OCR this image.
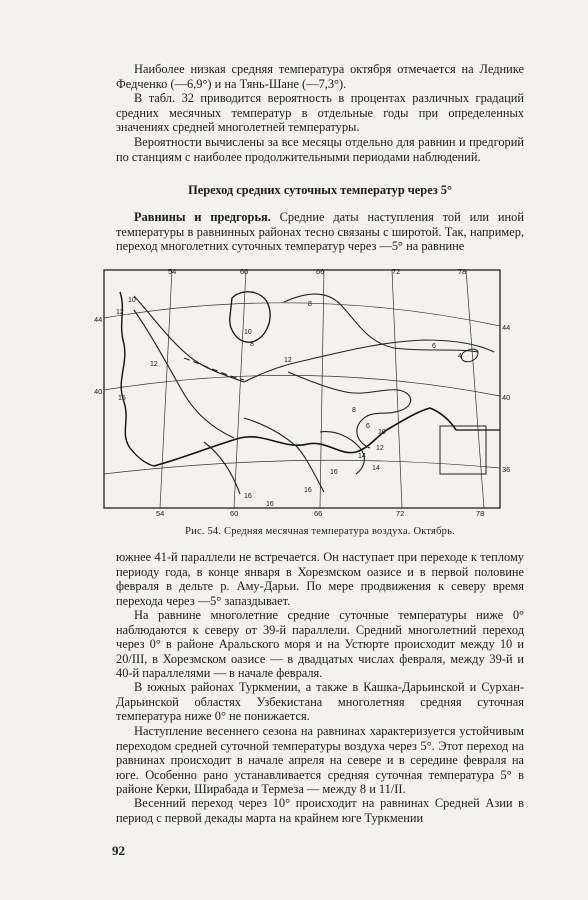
Наиболее низкая средняя температура октября отмечается на Леднике Федченко (—6,9°) и на Тянь-Шане (—7,3°).

В табл. 32 приводится вероятность в процентах различных градаций средних месячных температур в отдельные годы при определенных значениях средней многолетней температуры.

Вероятности вычислены за все месяцы отдельно для равнин и предгорий по станциям с наиболее продолжительными периодами наблюдений.

Переход средних суточных температур через 5°

Равнины и предгорья. Средние даты наступления той или иной температуры в равнинных районах тесно связаны с широтой. Так, например, переход многолетних суточных температур через —5° на равнине

54	60	66	72	78
54	60	66	72	78
44
40
44
40
36
10
12
8
6
4
10
12
8
6
12
14
16
16
16
12
14
10
8
15
16
Рис. 54. Средняя месячная температура воздуха. Октябрь.

южнее 41-й параллели не встречается. Он наступает при переходе к теплому периоду года, в конце января в Хорезмском оазисе и в первой половине февраля в дельте р. Аму-Дарьи. По мере продвижения к северу время перехода через —5° запаздывает.

На равнине многолетние средние суточные температуры ниже 0° наблюдаются к северу от 39-й параллели. Средний многолетний переход через 0° в районе Аральского моря и на Устюрте происходит между 10 и 20/III, в Хорезмском оазисе — в двадцатых числах февраля, между 39-й и 40-й параллелями — в начале февраля.

В южных районах Туркмении, а также в Кашка-Дарьинской и Сурхан-Дарьинской областях Узбекистана многолетняя средняя суточная температура ниже 0° не понижается.

Наступление весеннего сезона на равнинах характеризуется устойчивым переходом средней суточной температуры воздуха через 5°. Этот переход на равнинах происходит в начале апреля на севере и в середине февраля на юге. Особенно рано устанавливается средняя суточная температура 5° в районе Керки, Ширабада и Термеза — между 8 и 11/II.

Весенний переход через 10° происходит на равнинах Средней Азии в период с первой декады марта на крайнем юге Туркмении

92
